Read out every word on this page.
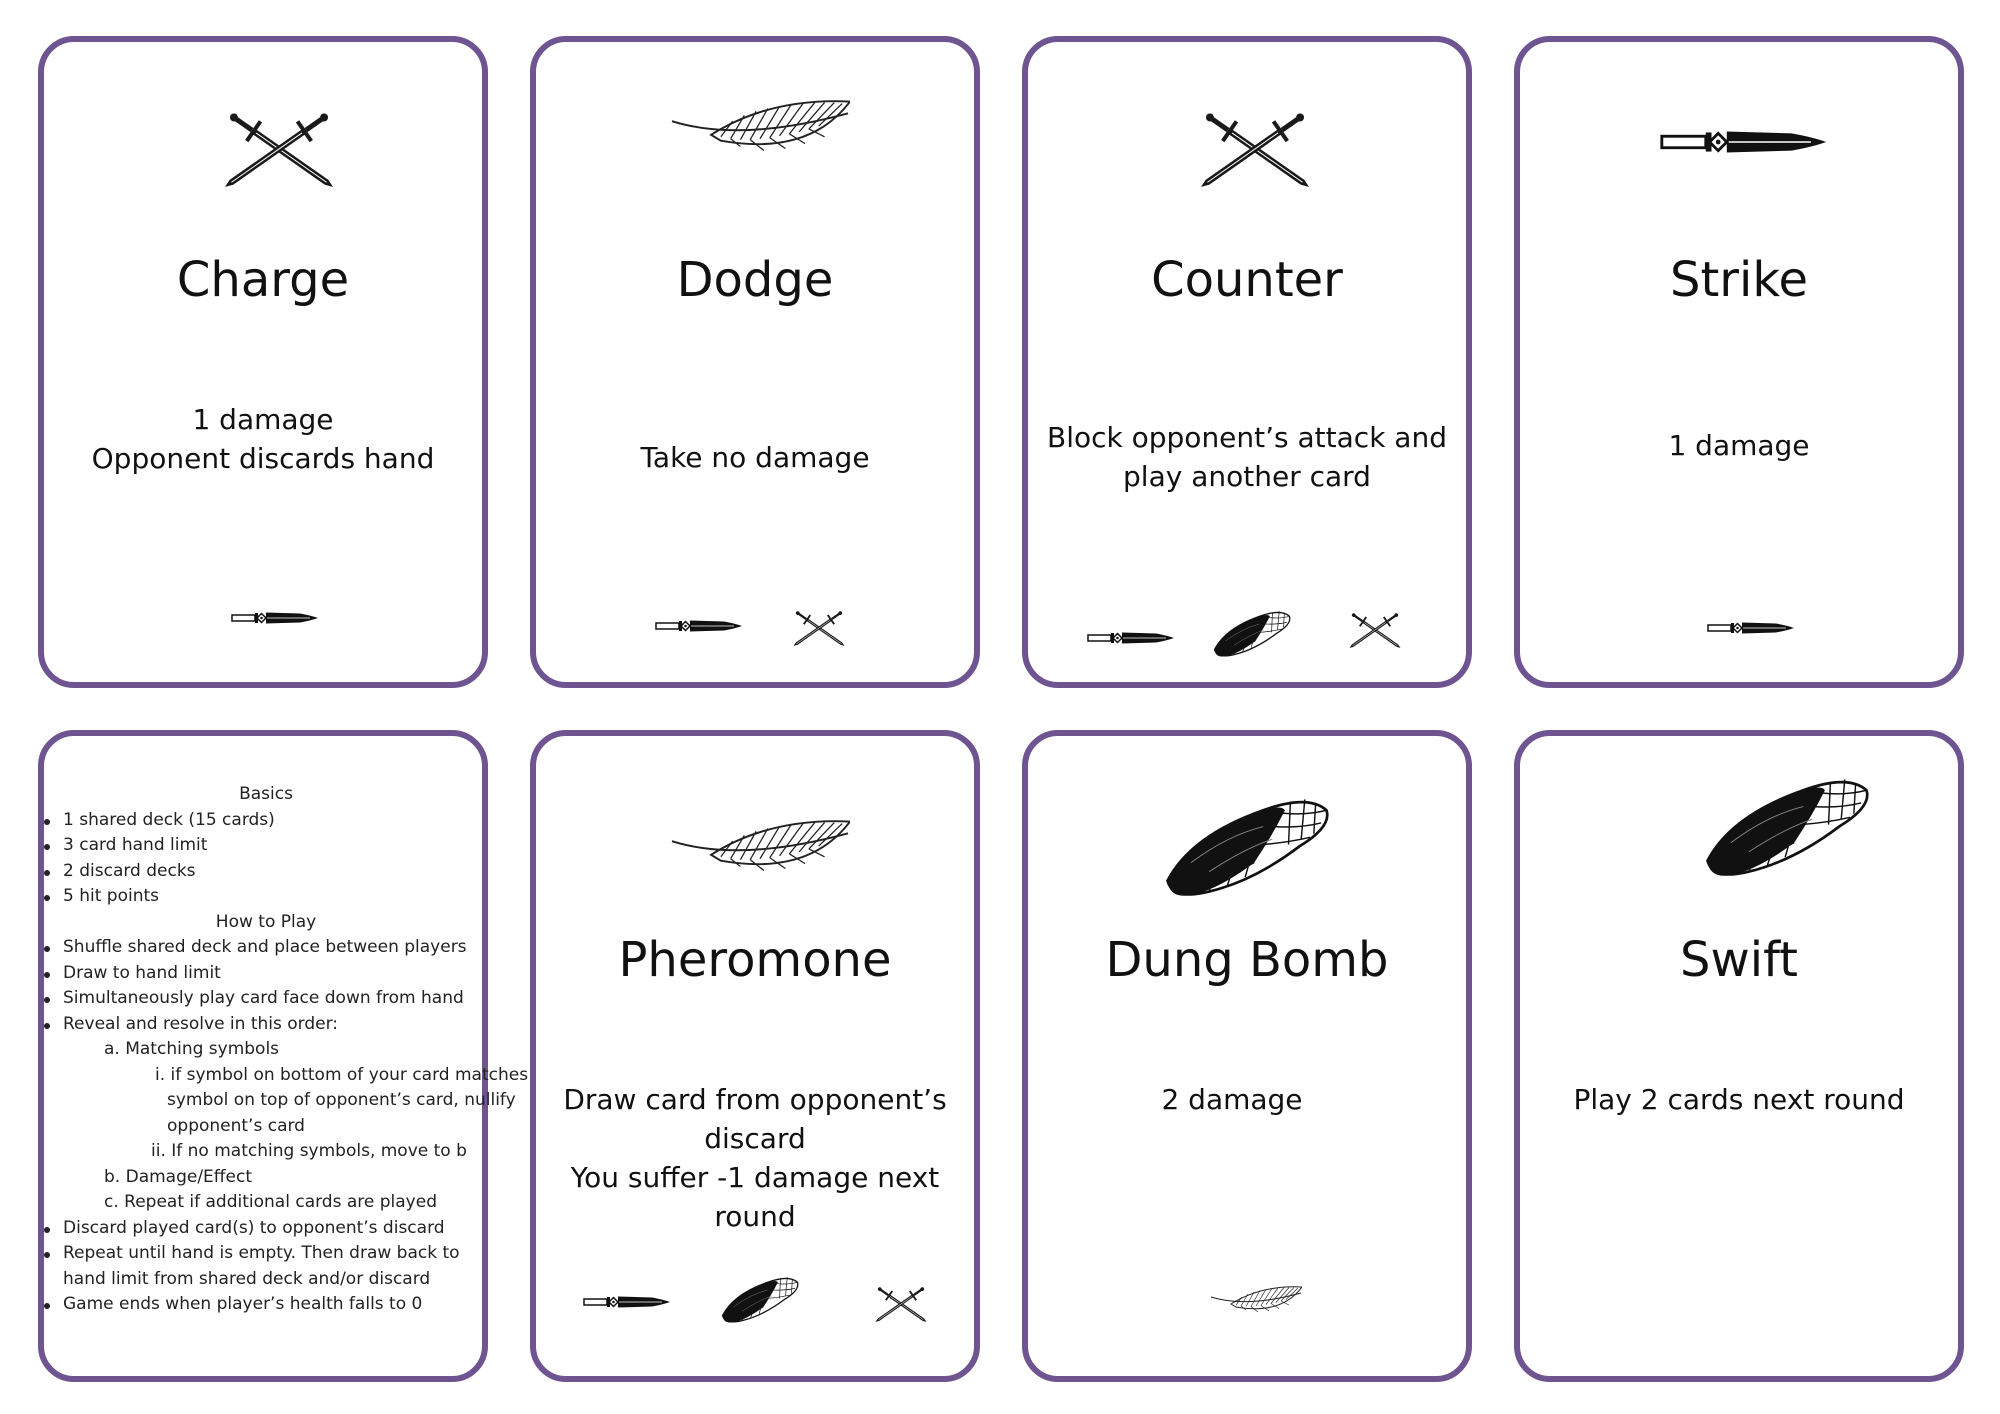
Charge
1 damage
Opponent discards hand
Dodge
Take no damage
Counter
Block opponent’s attack and
play another card
Strike
1 damage
Basics
1 shared deck (15 cards)
3 card hand limit
2 discard decks
5 hit points
How to Play
Shuffle shared deck and place between players
Draw to hand limit
Simultaneously play card face down from hand
Reveal and resolve in this order:
a. Matching symbols
i. if symbol on bottom of your card matches
symbol on top of opponent’s card, nullify
opponent’s card
ii. If no matching symbols, move to b
b. Damage/Effect
c. Repeat if additional cards are played
Discard played card(s) to opponent’s discard
Repeat until hand is empty. Then draw back to
hand limit from shared deck and/or discard
Game ends when player’s health falls to 0
Pheromone
Draw card from opponent’s
discard
You suffer -1 damage next round
Dung Bomb
2 damage
Swift
Play 2 cards next round
